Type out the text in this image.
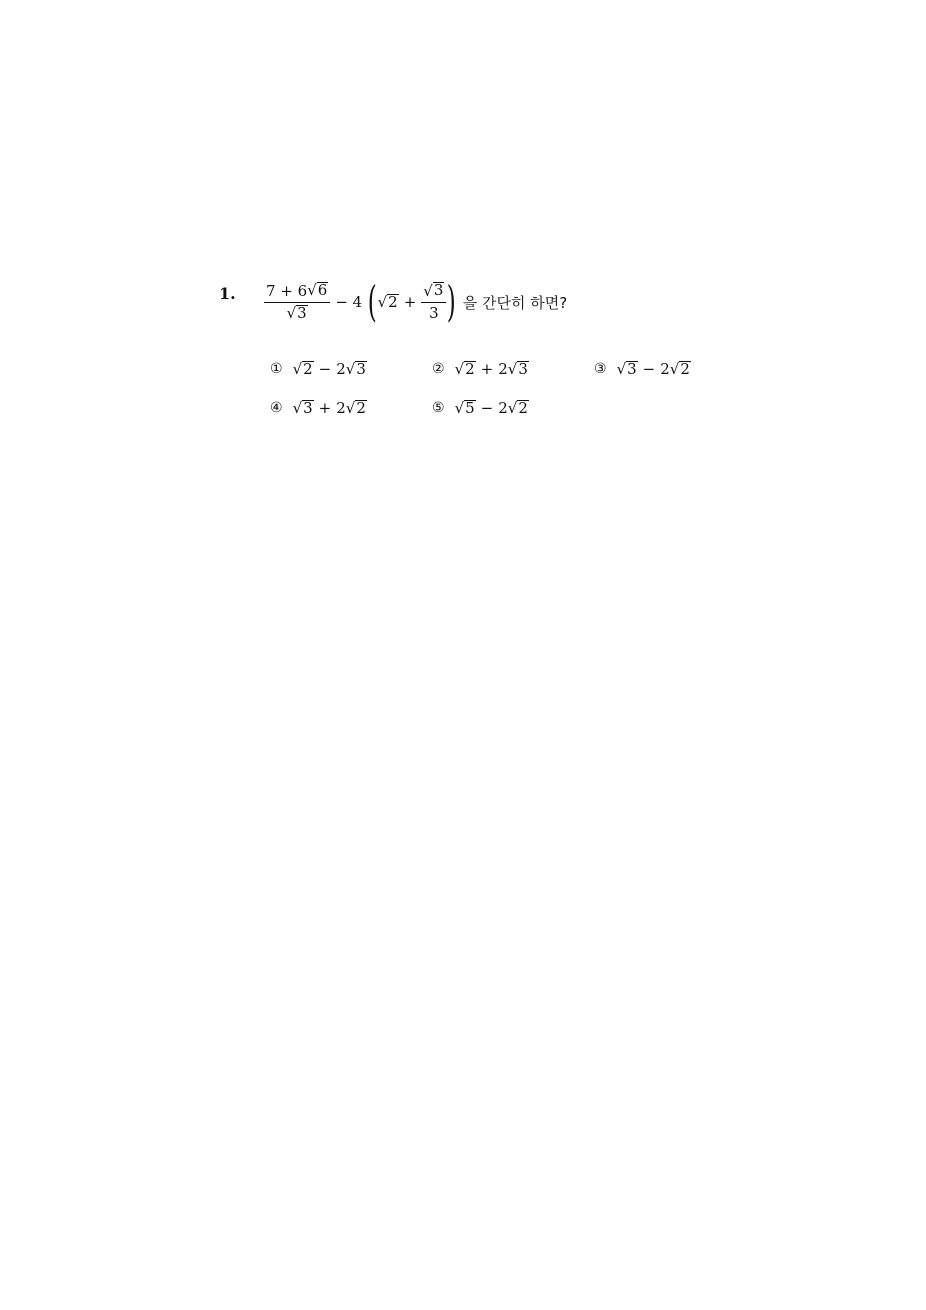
1. $\frac{7 + 6 √ 6}{√ 3} - 4$ ( √ $2 + \frac{√ 3}{3}$ ) 을 간단히 하면?
① √ 2 − 2 √ 3	② √ 2 + 2 √ 3	③ √ 3 − 2 √ 2
④ √ 3 + 2 √ 2	⑤ √ 5 − 2 √ 2
